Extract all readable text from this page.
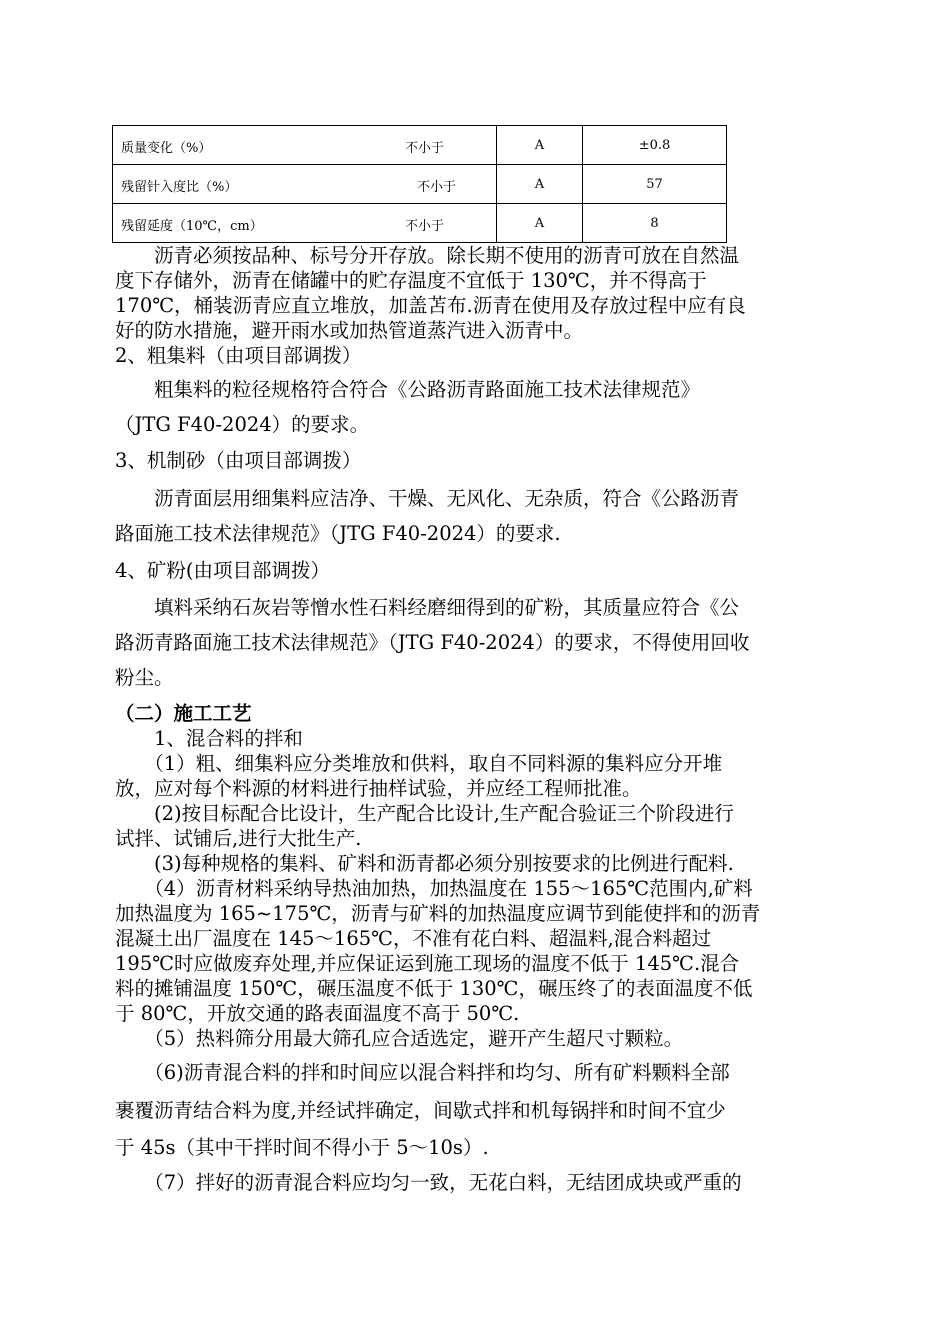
质量变化（%） 不小于	A	±0.8

残留针入度比（%） 不小于	A	57

残留延度（10℃，cm） 不小于	A	8
　　沥青必须按品种、标号分开存放。除长期不使用的沥青可放在自然温
度下存储外，沥青在储罐中的贮存温度不宜低于 130℃，并不得高于
170℃，桶装沥青应直立堆放，加盖苫布.沥青在使用及存放过程中应有良
好的防水措施，避开雨水或加热管道蒸汽进入沥青中。
2、粗集料（由项目部调拨）
　　粗集料的粒径规格符合符合《公路沥青路面施工技术法律规范》
（JTG F40-2024）的要求。
3、机制砂（由项目部调拨）
　　沥青面层用细集料应洁净、干燥、无风化、无杂质，符合《公路沥青
路面施工技术法律规范》（JTG F40-2024）的要求.
4、矿粉(由项目部调拨）
　　填料采纳石灰岩等憎水性石料经磨细得到的矿粉，其质量应符合《公
路沥青路面施工技术法律规范》（JTG F40-2024）的要求，不得使用回收
粉尘。
（二）施工工艺
　　1、混合料的拌和
　　（1）粗、细集料应分类堆放和供料，取自不同料源的集料应分开堆
放，应对每个料源的材料进行抽样试验，并应经工程师批准。
　　(2)按目标配合比设计，生产配合比设计,生产配合验证三个阶段进行
试拌、试铺后,进行大批生产.
　　(3)每种规格的集料、矿料和沥青都必须分别按要求的比例进行配料.
　　（4）沥青材料采纳导热油加热，加热温度在 155～165℃范围内,矿料
加热温度为 165~175℃，沥青与矿料的加热温度应调节到能使拌和的沥青
混凝土出厂温度在 145～165℃，不准有花白料、超温料,混合料超过
195℃时应做废弃处理,并应保证运到施工现场的温度不低于 145℃.混合
料的摊铺温度 150℃，碾压温度不低于 130℃，碾压终了的表面温度不低
于 80℃，开放交通的路表面温度不高于 50℃.
　　（5）热料筛分用最大筛孔应合适选定，避开产生超尺寸颗粒。
　　（6)沥青混合料的拌和时间应以混合料拌和均匀、所有矿料颗料全部
裹覆沥青结合料为度,并经试拌确定，间歇式拌和机每锅拌和时间不宜少
于 45s（其中干拌时间不得小于 5～10s）.
　　（7）拌好的沥青混合料应均匀一致，无花白料，无结团成块或严重的
